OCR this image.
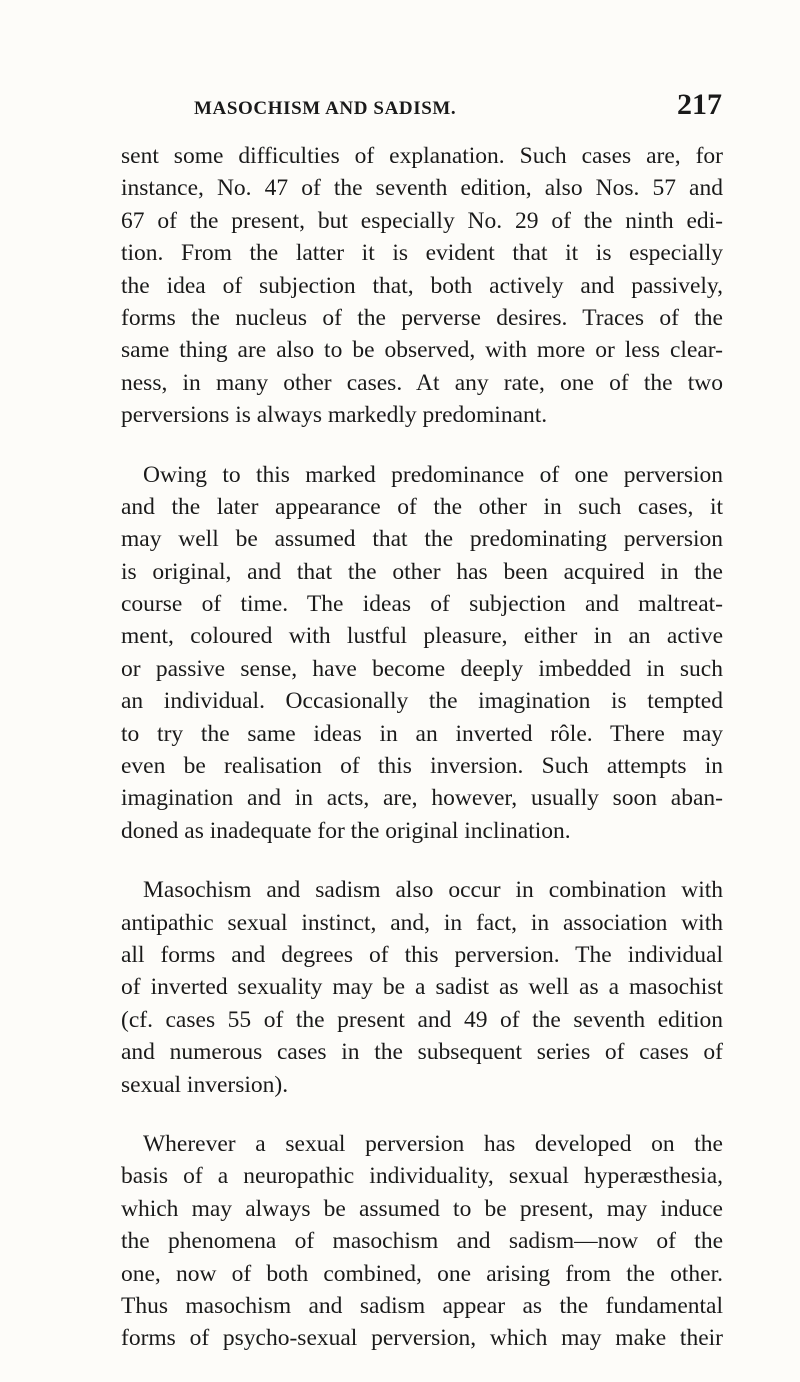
MASOCHISM AND SADISM.	217
sent some difficulties of explanation. Such cases are, for
instance, No. 47 of the seventh edition, also Nos. 57 and
67 of the present, but especially No. 29 of the ninth edi-
tion. From the latter it is evident that it is especially
the idea of subjection that, both actively and passively,
forms the nucleus of the perverse desires. Traces of the
same thing are also to be observed, with more or less clear-
ness, in many other cases. At any rate, one of the two
perversions is always markedly predominant.
Owing to this marked predominance of one perversion
and the later appearance of the other in such cases, it
may well be assumed that the predominating perversion
is original, and that the other has been acquired in the
course of time. The ideas of subjection and maltreat-
ment, coloured with lustful pleasure, either in an active
or passive sense, have become deeply imbedded in such
an individual. Occasionally the imagination is tempted
to try the same ideas in an inverted rôle. There may
even be realisation of this inversion. Such attempts in
imagination and in acts, are, however, usually soon aban-
doned as inadequate for the original inclination.
Masochism and sadism also occur in combination with
antipathic sexual instinct, and, in fact, in association with
all forms and degrees of this perversion. The individual
of inverted sexuality may be a sadist as well as a masochist
(cf. cases 55 of the present and 49 of the seventh edition
and numerous cases in the subsequent series of cases of
sexual inversion).
Wherever a sexual perversion has developed on the
basis of a neuropathic individuality, sexual hyperæsthesia,
which may always be assumed to be present, may induce
the phenomena of masochism and sadism—now of the
one, now of both combined, one arising from the other.
Thus masochism and sadism appear as the fundamental
forms of psycho-sexual perversion, which may make their
